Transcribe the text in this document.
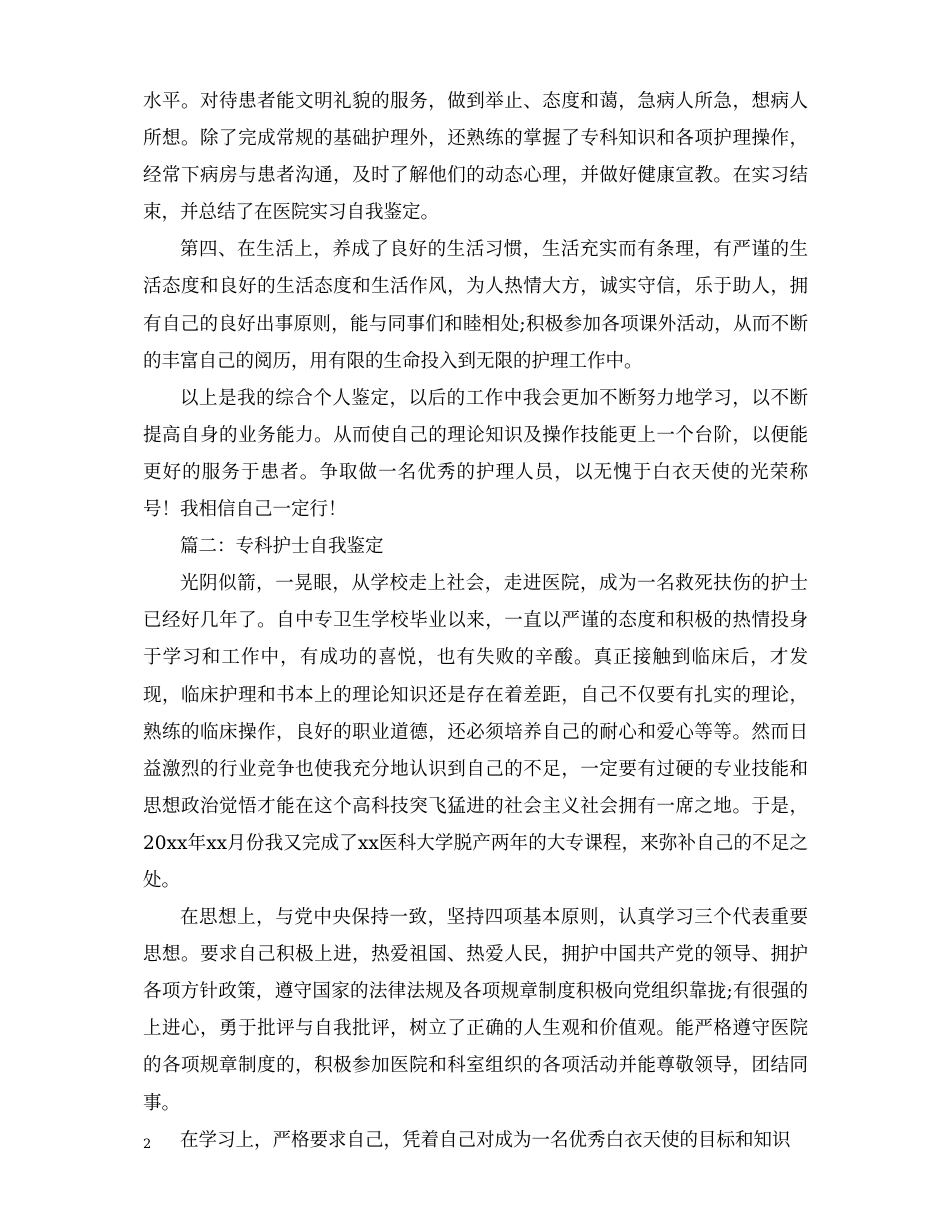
水平。对待患者能文明礼貌的服务，做到举止、态度和蔼，急病人所急，想病人所想。除了完成常规的基础护理外，还熟练的掌握了专科知识和各项护理操作，经常下病房与患者沟通，及时了解他们的动态心理，并做好健康宣教。在实习结束，并总结了在医院实习自我鉴定。

第四、在生活上，养成了良好的生活习惯，生活充实而有条理，有严谨的生活态度和良好的生活态度和生活作风，为人热情大方，诚实守信，乐于助人，拥有自己的良好出事原则，能与同事们和睦相处;积极参加各项课外活动，从而不断的丰富自己的阅历，用有限的生命投入到无限的护理工作中。

以上是我的综合个人鉴定，以后的工作中我会更加不断努力地学习，以不断提高自身的业务能力。从而使自己的理论知识及操作技能更上一个台阶，以便能更好的服务于患者。争取做一名优秀的护理人员，以无愧于白衣天使的光荣称号！我相信自己一定行！

篇二：专科护士自我鉴定

光阴似箭，一晃眼，从学校走上社会，走进医院，成为一名救死扶伤的护士已经好几年了。自中专卫生学校毕业以来，一直以严谨的态度和积极的热情投身于学习和工作中，有成功的喜悦，也有失败的辛酸。真正接触到临床后，才发现，临床护理和书本上的理论知识还是存在着差距，自己不仅要有扎实的理论，熟练的临床操作，良好的职业道德，还必须培养自己的耐心和爱心等等。然而日益激烈的行业竞争也使我充分地认识到自己的不足，一定要有过硬的专业技能和思想政治觉悟才能在这个高科技突飞猛进的社会主义社会拥有一席之地。于是，20xx年xx月份我又完成了xx医科大学脱产两年的大专课程，来弥补自己的不足之处。

在思想上，与党中央保持一致，坚持四项基本原则，认真学习三个代表重要思想。要求自己积极上进，热爱祖国、热爱人民，拥护中国共产党的领导、拥护各项方针政策，遵守国家的法律法规及各项规章制度积极向党组织靠拢;有很强的上进心，勇于批评与自我批评，树立了正确的人生观和价值观。能严格遵守医院的各项规章制度的，积极参加医院和科室组织的各项活动并能尊敬领导，团结同事。

在学习上，严格要求自己，凭着自己对成为一名优秀白衣天使的目标和知识

2
